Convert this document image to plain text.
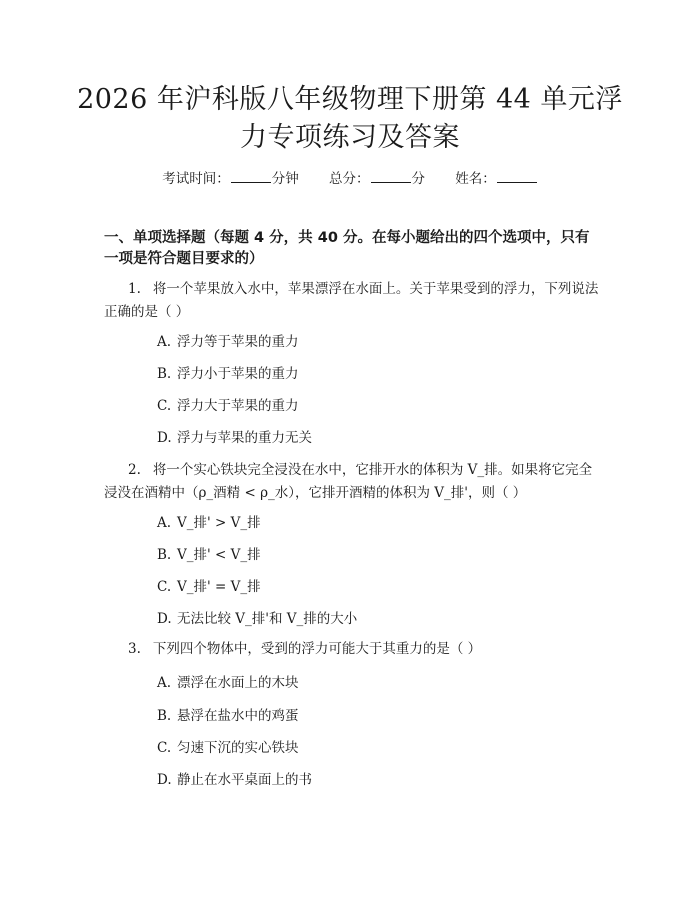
2026 年沪科版八年级物理下册第 44 单元浮
力专项练习及答案
考试时间：	分钟 总分：	分 姓名：
一、单项选择题（每题 4 分，共 40 分。在每小题给出的四个选项中，只有一项是符合题目要求的）
1. 将一个苹果放入水中，苹果漂浮在水面上。关于苹果受到的浮力，下列说法正确的是（ ）
A. 浮力等于苹果的重力
B. 浮力小于苹果的重力
C. 浮力大于苹果的重力
D. 浮力与苹果的重力无关
2. 将一个实心铁块完全浸没在水中，它排开水的体积为 V_排。如果将它完全浸没在酒精中（ρ_酒精 < ρ_水），它排开酒精的体积为 V_排'，则（ ）
A. V_排' > V_排
B. V_排' < V_排
C. V_排' = V_排
D. 无法比较 V_排'和 V_排的大小
3. 下列四个物体中，受到的浮力可能大于其重力的是（ ）
A. 漂浮在水面上的木块
B. 悬浮在盐水中的鸡蛋
C. 匀速下沉的实心铁块
D. 静止在水平桌面上的书
